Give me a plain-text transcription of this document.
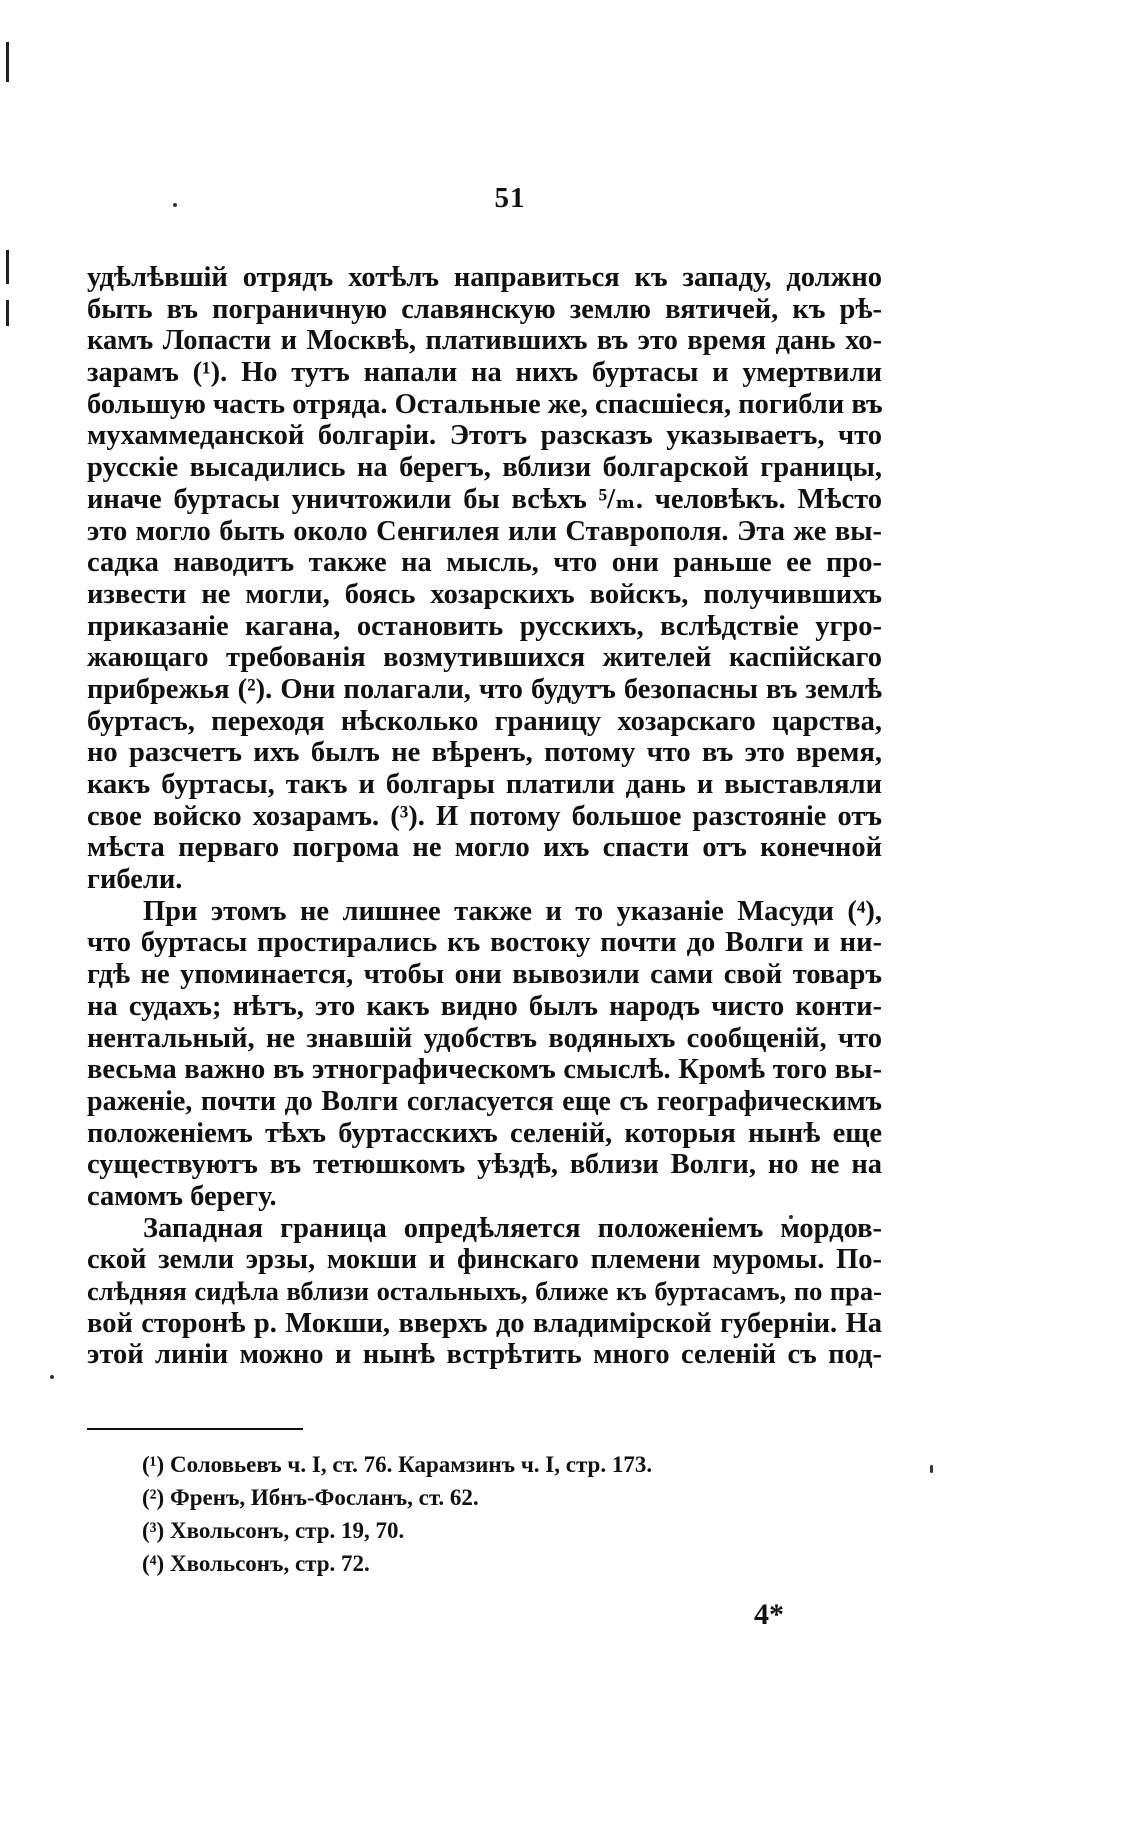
51
удѣлѣвшій отрядъ хотѣлъ направиться къ западу, должно
быть въ пограничную славянскую землю вятичей, къ рѣ-
камъ Лопасти и Москвѣ, платившихъ въ это время дань хо-
зарамъ (¹). Но тутъ напали на нихъ буртасы и умертвили
большую часть отряда. Остальные же, спасшіеся, погибли въ
мухаммеданской болгаріи. Этотъ разсказъ указываетъ, что
русскіе высадились на берегъ, вблизи болгарской границы,
иначе буртасы уничтожили бы всѣхъ ⁵/ₘ. человѣкъ. Мѣсто
это могло быть около Сенгилея или Ставрополя. Эта же вы-
садка наводитъ также на мысль, что они раньше ее про-
извести не могли, боясь хозарскихъ войскъ, получившихъ
приказаніе кагана, остановить русскихъ, вслѣдствіе угро-
жающаго требованія возмутившихся жителей каспійскаго
прибрежья (²). Они полагали, что будутъ безопасны въ землѣ
буртасъ, переходя нѣсколько границу хозарскаго царства,
но разсчетъ ихъ былъ не вѣренъ, потому что въ это время,
какъ буртасы, такъ и болгары платили дань и выставляли
свое войско хозарамъ. (³). И потому большое разстояніе отъ
мѣста перваго погрома не могло ихъ спасти отъ конечной
гибели.
При этомъ не лишнее также и то указаніе Масуди (⁴),
что буртасы простирались къ востоку почти до Волги и ни-
гдѣ не упоминается, чтобы они вывозили сами свой товаръ
на судахъ; нѣтъ, это какъ видно былъ народъ чисто конти-
нентальный, не знавшій удобствъ водяныхъ сообщеній, что
весьма важно въ этнографическомъ смыслѣ. Кромѣ того вы-
раженіе, почти до Волги согласуется еще съ географическимъ
положеніемъ тѣхъ буртасскихъ селеній, которыя нынѣ еще
существуютъ въ тетюшкомъ уѣздѣ, вблизи Волги, но не на
самомъ берегу.
Западная граница опредѣляется положеніемъ мордов-
ской земли эрзы, мокши и финскаго племени муромы. По-
слѣдняя сидѣла вблизи остальныхъ, ближе къ буртасамъ, по пра-
вой сторонѣ р. Мокши, вверхъ до владимірской губерніи. На
этой линіи можно и нынѣ встрѣтить много селеній съ под-
(¹) Соловьевъ ч. I, ст. 76. Карамзинъ ч. I, стр. 173.
(²) Френъ, Ибнъ-Фосланъ, ст. 62.
(³) Хвольсонъ, стр. 19, 70.
(⁴) Хвольсонъ, стр. 72.
4*
